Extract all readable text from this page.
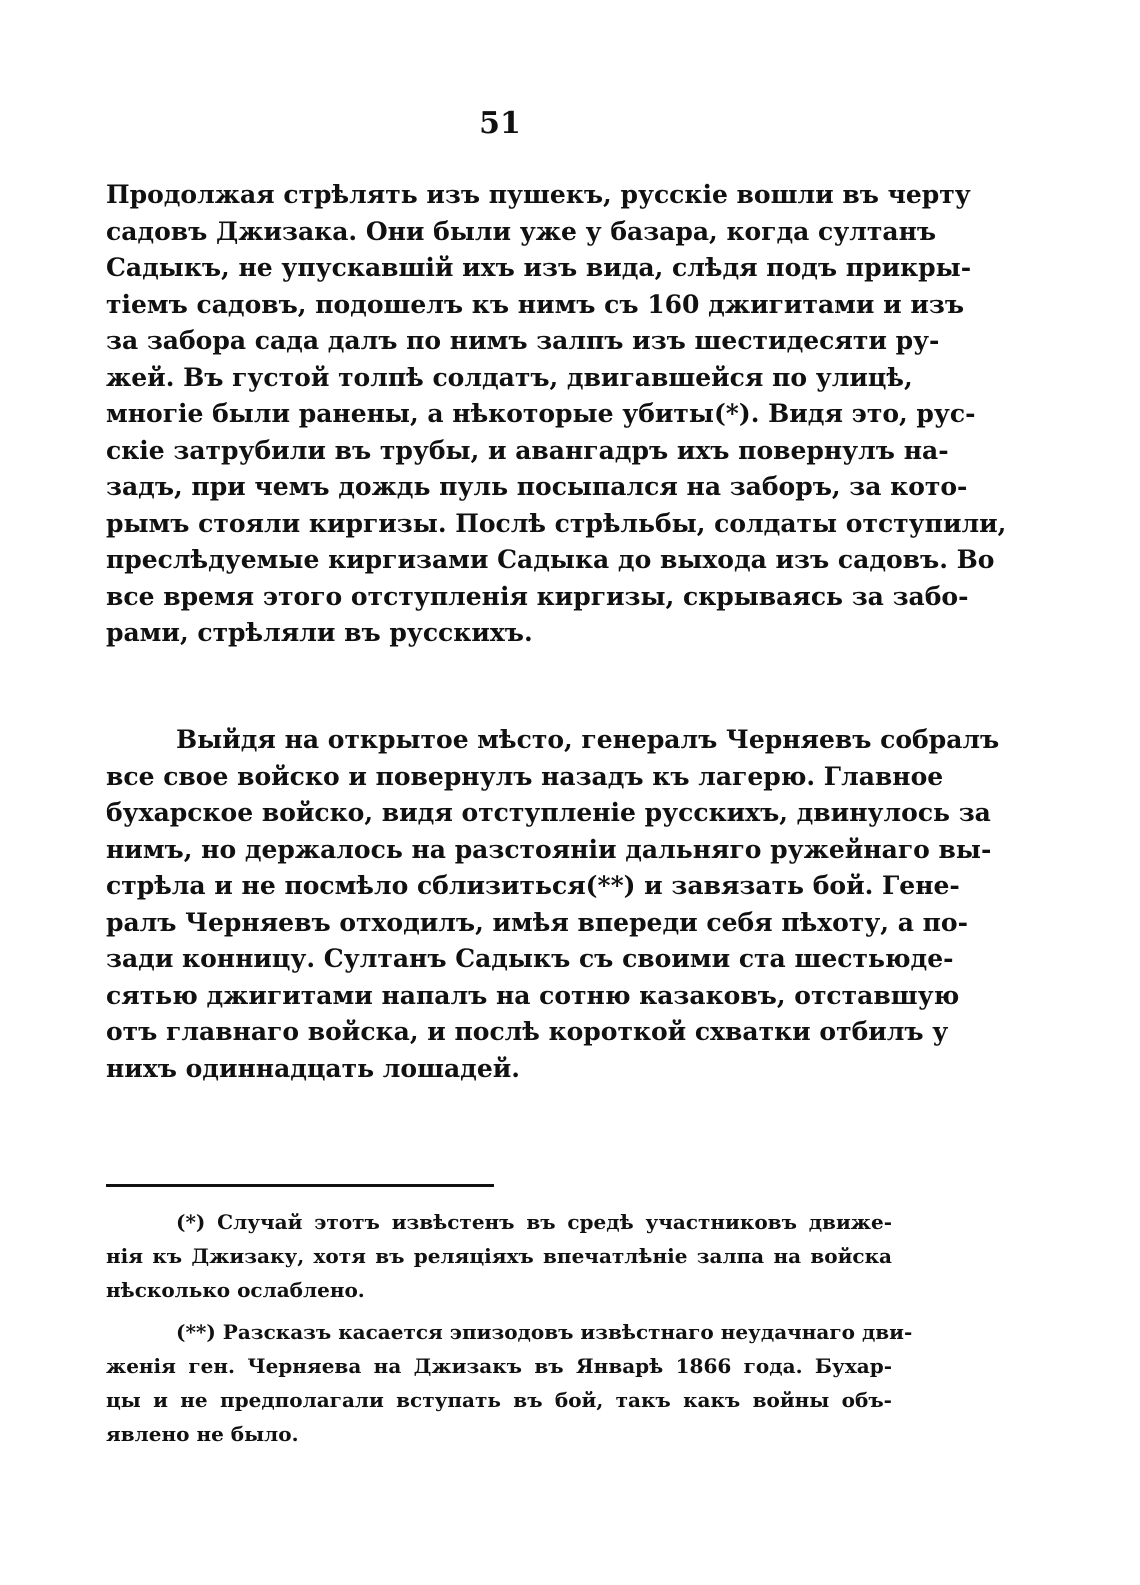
51
Продолжая стрѣлять изъ пушекъ, русскіе вошли въ черту
садовъ Джизака. Они были уже у базара, когда султанъ
Садыкъ, не упускавшій ихъ изъ вида, слѣдя подъ прикры-
тіемъ садовъ, подошелъ къ нимъ съ 160 джигитами и изъ
за забора сада далъ по нимъ залпъ изъ шестидесяти ру-
жей. Въ густой толпѣ солдатъ, двигавшейся по улицѣ,
многіе были ранены, а нѣкоторые убиты(*). Видя это, рус-
скіе затрубили въ трубы, и авангадръ ихъ повернулъ на-
задъ, при чемъ дождь пуль посыпался на заборъ, за кото-
рымъ стояли киргизы. Послѣ стрѣльбы, солдаты отступили,
преслѣдуемые киргизами Садыка до выхода изъ садовъ. Во
все время этого отступленія киргизы, скрываясь за забо-
рами, стрѣляли въ русскихъ.
Выйдя на открытое мѣсто, генералъ Черняевъ собралъ
все свое войско и повернулъ назадъ къ лагерю. Главное
бухарское войско, видя отступленіе русскихъ, двинулось за
нимъ, но держалось на разстояніи дальняго ружейнаго вы-
стрѣла и не посмѣло сблизиться(**) и завязать бой. Гене-
ралъ Черняевъ отходилъ, имѣя впереди себя пѣхоту, а по-
зади конницу. Султанъ Садыкъ съ своими ста шестьюде-
сятью джигитами напалъ на сотню казаковъ, отставшую
отъ главнаго войска, и послѣ короткой схватки отбилъ у
нихъ одиннадцать лошадей.
(*) Случай этотъ извѣстенъ въ средѣ участниковъ движе-
нія къ Джизаку, хотя въ реляціяхъ впечатлѣніе залпа на войска
нѣсколько ослаблено.
(**) Разсказъ касается эпизодовъ извѣстнаго неудачнаго дви-
женія ген. Черняева на Джизакъ въ Январѣ 1866 года. Бухар-
цы и не предполагали вступать въ бой, такъ какъ войны объ-
явлено не было.
